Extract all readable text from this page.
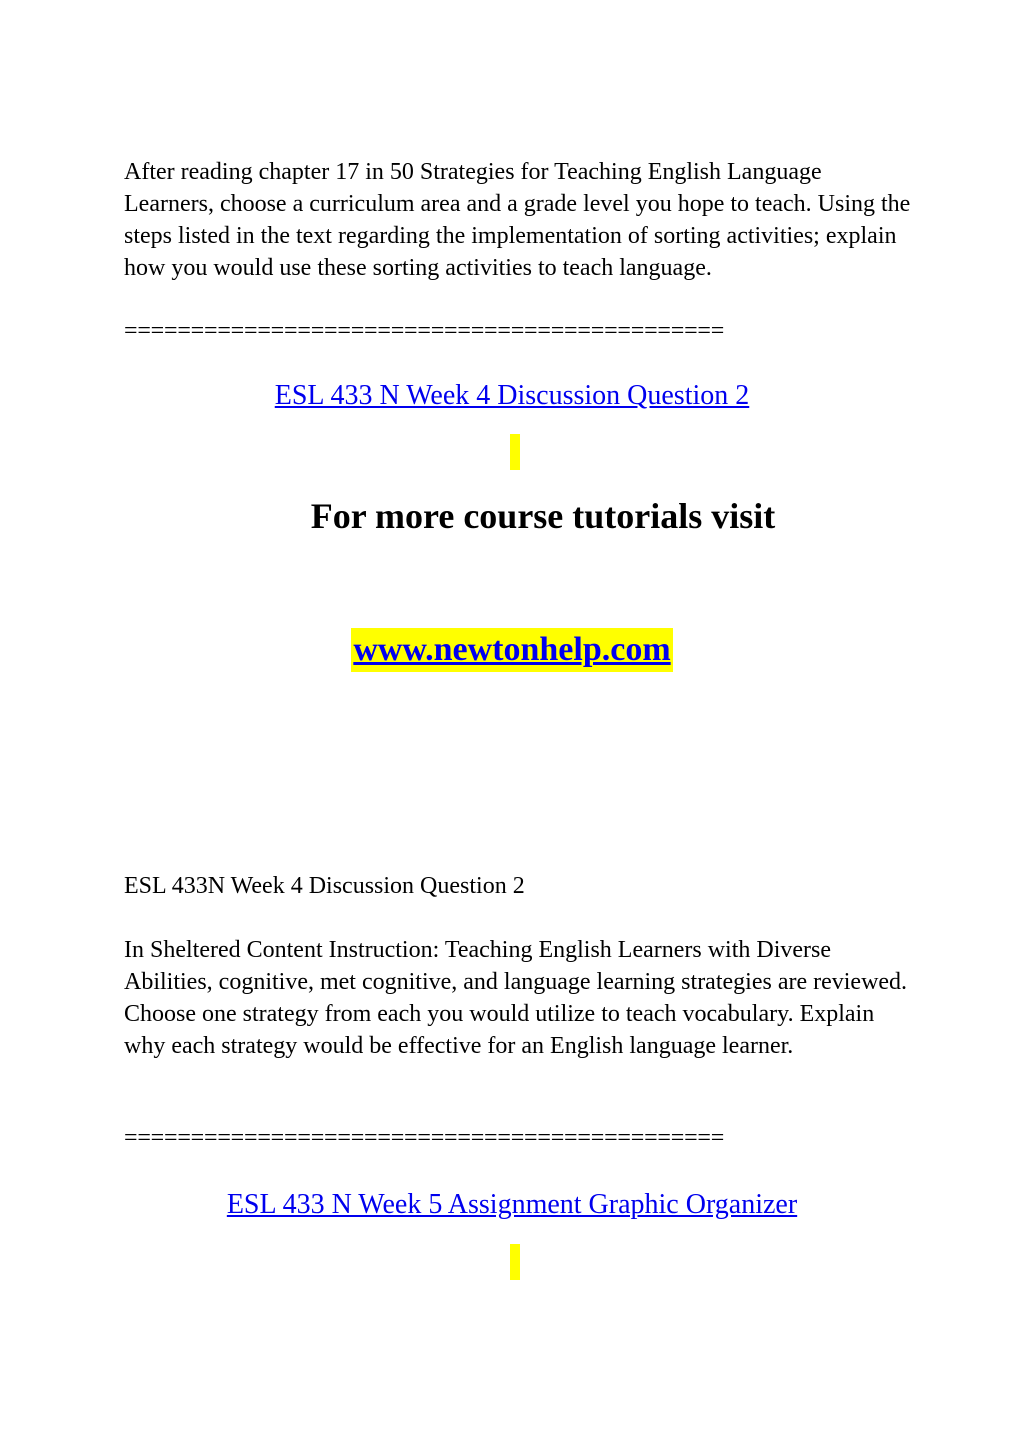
After reading chapter 17 in 50 Strategies for Teaching English Language Learners, choose a curriculum area and a grade level you hope to teach. Using the steps listed in the text regarding the implementation of sorting activities; explain how you would use these sorting activities to teach language.

=============================================
ESL 433 N Week 4 Discussion Question 2
For more course tutorials visit
www.newtonhelp.com

ESL 433N Week 4 Discussion Question 2

In Sheltered Content Instruction: Teaching English Learners with Diverse Abilities, cognitive, met cognitive, and language learning strategies are reviewed. Choose one strategy from each you would utilize to teach vocabulary. Explain why each strategy would be effective for an English language learner.

=============================================
ESL 433 N Week 5 Assignment Graphic Organizer
